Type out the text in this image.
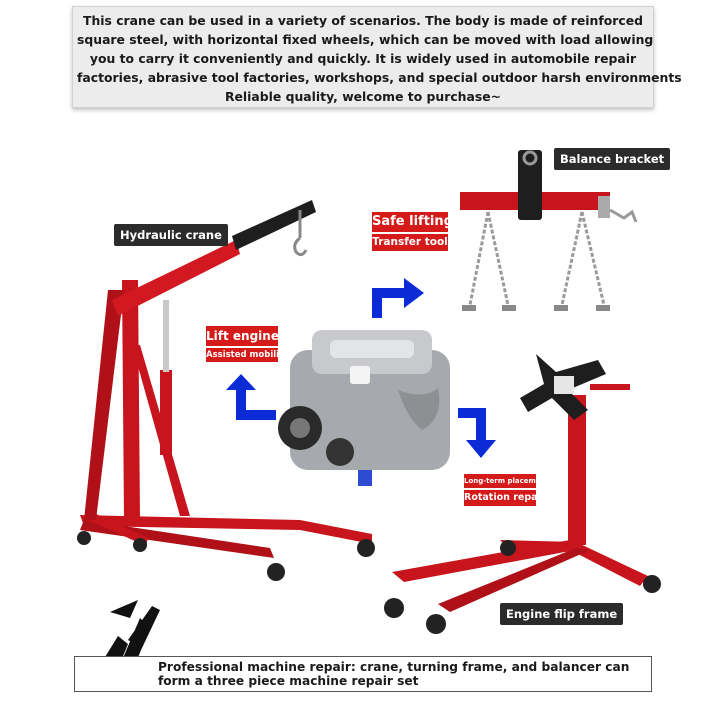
This crane can be used in a variety of scenarios. The body is made of reinforced
square steel, with horizontal fixed wheels, which can be moved with load allowing
you to carry it conveniently and quickly. It is widely used in automobile repair
factories, abrasive tool factories, workshops, and special outdoor harsh environments
Reliable quality, welcome to purchase~
Hydraulic crane
Balance bracket
Engine flip frame
Safe lifting
Transfer tool
Lift engine
Assisted mobility
Long-term placement
Rotation repair
Professional machine repair: crane, turning frame, and balancer can form a three piece machine repair set
